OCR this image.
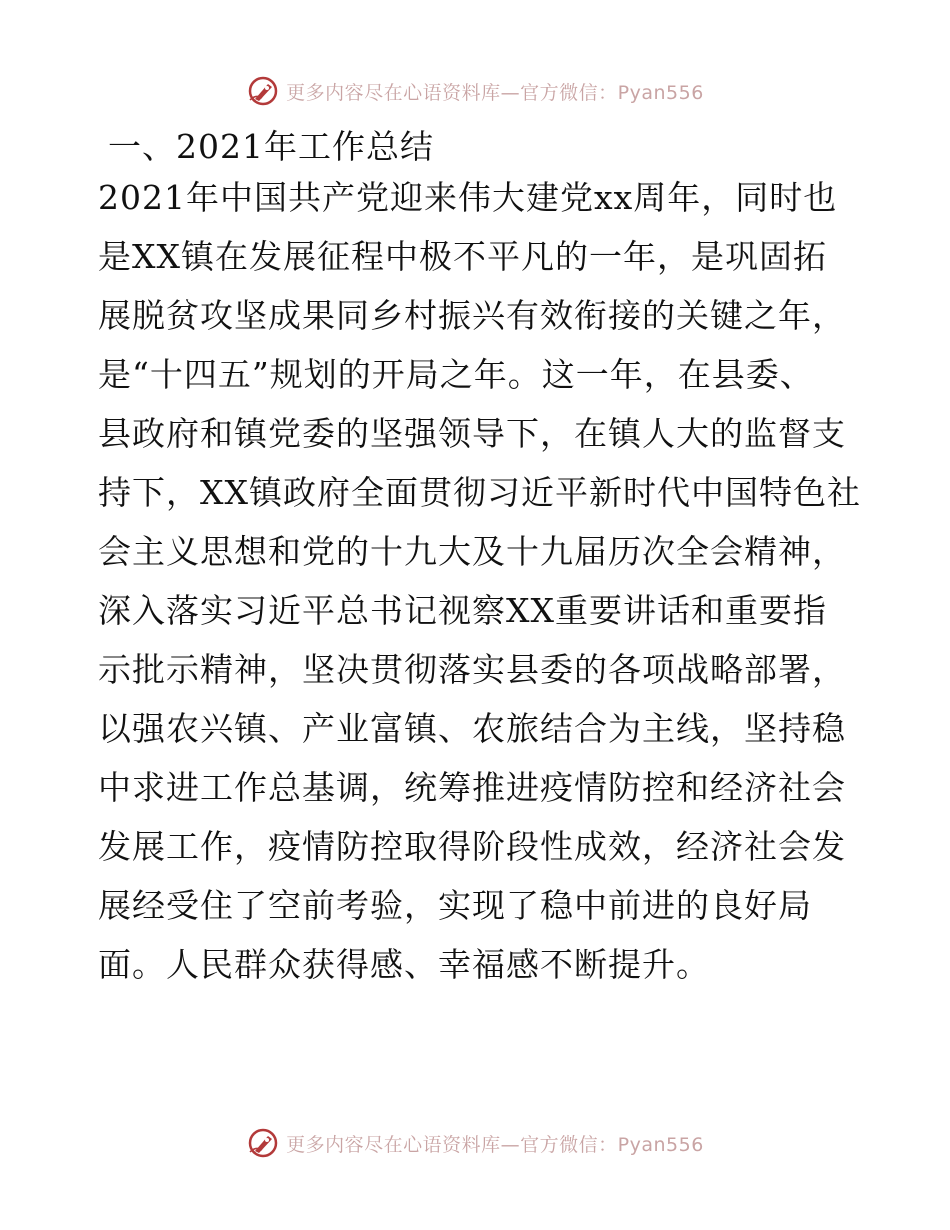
更多内容尽在心语资料库—官方微信：Pyan556
一、2021年工作总结
2021年中国共产党迎来伟大建党xx周年，同时也
是XX镇在发展征程中极不平凡的一年，是巩固拓
展脱贫攻坚成果同乡村振兴有效衔接的关键之年，
是“十四五”规划的开局之年。这一年，在县委、
县政府和镇党委的坚强领导下，在镇人大的监督支
持下，XX镇政府全面贯彻习近平新时代中国特色社
会主义思想和党的十九大及十九届历次全会精神，
深入落实习近平总书记视察XX重要讲话和重要指
示批示精神，坚决贯彻落实县委的各项战略部署，
以强农兴镇、产业富镇、农旅结合为主线，坚持稳
中求进工作总基调，统筹推进疫情防控和经济社会
发展工作，疫情防控取得阶段性成效，经济社会发
展经受住了空前考验，实现了稳中前进的良好局
面。人民群众获得感、幸福感不断提升。
更多内容尽在心语资料库—官方微信：Pyan556
